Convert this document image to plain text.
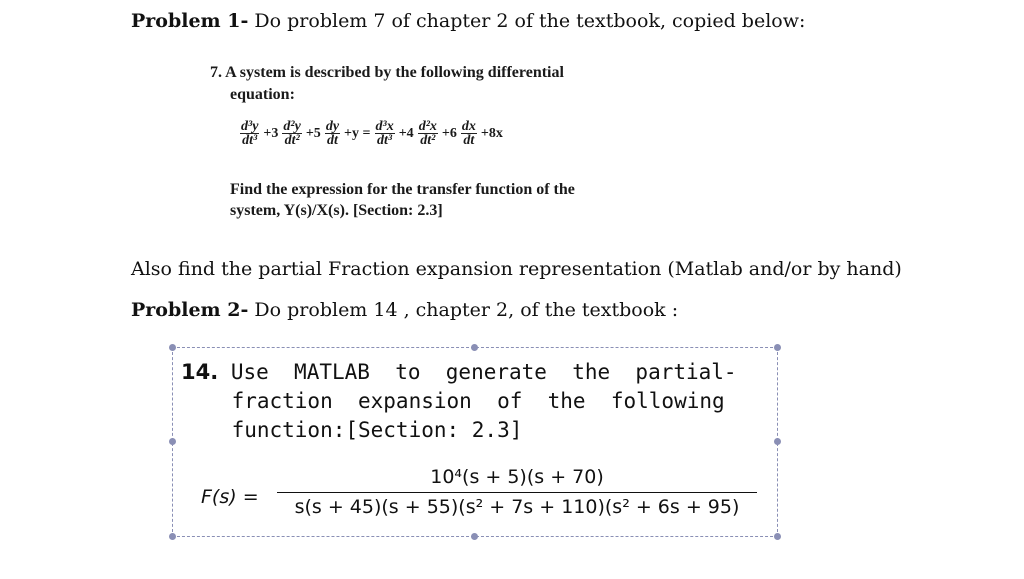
Problem 1- Do problem 7 of chapter 2 of the textbook, copied below:
7. A system is described by the following differential
equation:
$\frac{\text{d³y}}{\text{dt³}} +3 \frac{\text{d²y}}{\text{dt²}} +5 \frac{dy}{dt} +y = \frac{\text{d³x}}{\text{dt³}} +4 \frac{\text{d²x}}{\text{dt²}} +6 \frac{dx}{dt} +8x$
Find the expression for the transfer function of the
system, Y(s)/X(s). [Section: 2.3]
Also find the partial Fraction expansion representation (Matlab and/or by hand)
Problem 2- Do problem 14 , chapter 2, of the textbook :
14. Use  MATLAB  to  generate  the  partial-
fraction  expansion  of  the  following
function:[Section: 2.3]
F(s) =
10⁴(s + 5)(s + 70)
s(s + 45)(s + 55)(s² + 7s + 110)(s² + 6s + 95)
